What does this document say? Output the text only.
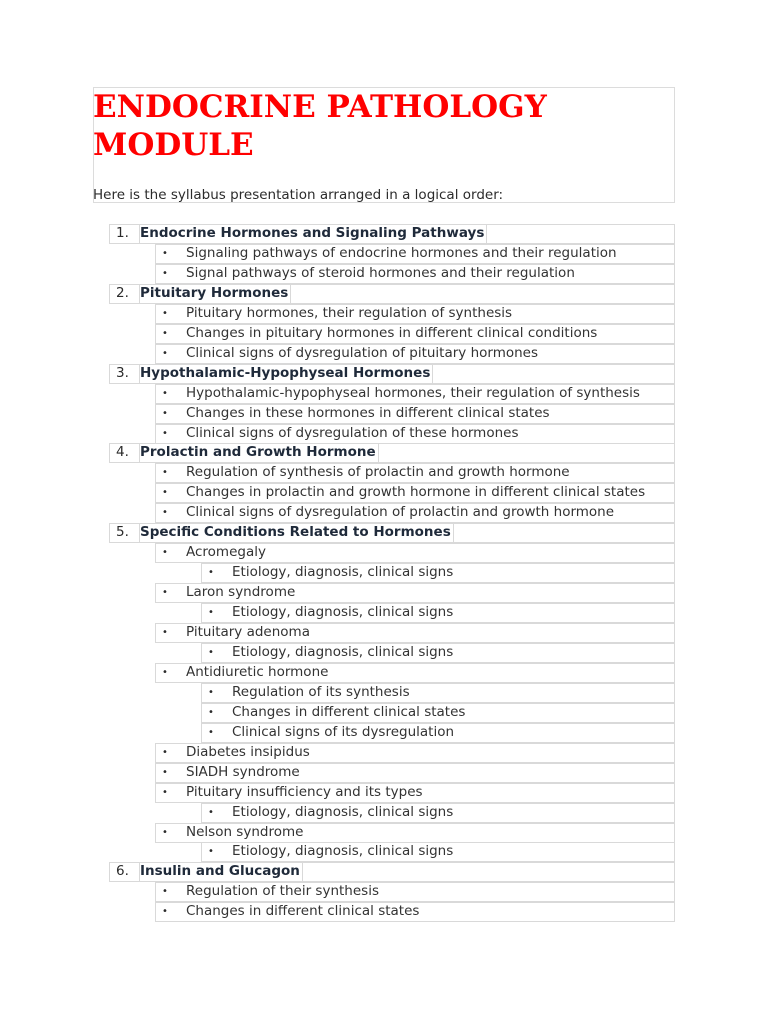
ENDOCRINE PATHOLOGY
MODULE
Here is the syllabus presentation arranged in a logical order:
1. Endocrine Hormones and Signaling Pathways
• Signaling pathways of endocrine hormones and their regulation
• Signal pathways of steroid hormones and their regulation
2. Pituitary Hormones
• Pituitary hormones, their regulation of synthesis
• Changes in pituitary hormones in different clinical conditions
• Clinical signs of dysregulation of pituitary hormones
3. Hypothalamic-Hypophyseal Hormones
• Hypothalamic-hypophyseal hormones, their regulation of synthesis
• Changes in these hormones in different clinical states
• Clinical signs of dysregulation of these hormones
4. Prolactin and Growth Hormone
• Regulation of synthesis of prolactin and growth hormone
• Changes in prolactin and growth hormone in different clinical states
• Clinical signs of dysregulation of prolactin and growth hormone
5. Specific Conditions Related to Hormones
• Acromegaly
• Etiology, diagnosis, clinical signs
• Laron syndrome
• Etiology, diagnosis, clinical signs
• Pituitary adenoma
• Etiology, diagnosis, clinical signs
• Antidiuretic hormone
• Regulation of its synthesis
• Changes in different clinical states
• Clinical signs of its dysregulation
• Diabetes insipidus
• SIADH syndrome
• Pituitary insufficiency and its types
• Etiology, diagnosis, clinical signs
• Nelson syndrome
• Etiology, diagnosis, clinical signs
6. Insulin and Glucagon
• Regulation of their synthesis
• Changes in different clinical states
